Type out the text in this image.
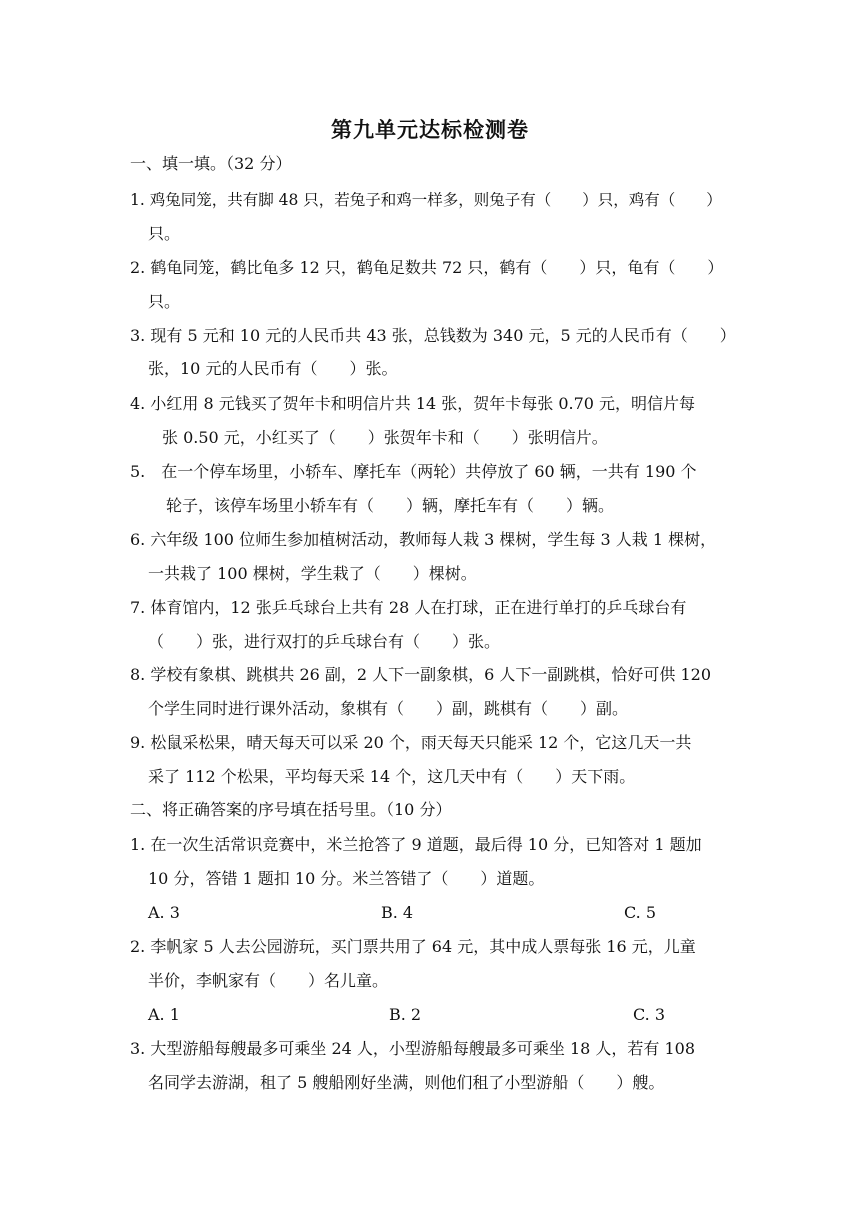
第九单元达标检测卷
一、填一填。（32 分）
1. 鸡兔同笼，共有脚 48 只，若兔子和鸡一样多，则兔子有（　　）只，鸡有（　　）
只。
2. 鹤龟同笼，鹤比龟多 12 只，鹤龟足数共 72 只，鹤有（　　）只，龟有（　　）
只。
3. 现有 5 元和 10 元的人民币共 43 张，总钱数为 340 元，5 元的人民币有（　　）
张，10 元的人民币有（　　）张。
4. 小红用 8 元钱买了贺年卡和明信片共 14 张，贺年卡每张 0.70 元，明信片每
张 0.50 元，小红买了（　　）张贺年卡和（　　）张明信片。
5.　在一个停车场里，小轿车、摩托车（两轮）共停放了 60 辆，一共有 190 个
轮子，该停车场里小轿车有（　　）辆，摩托车有（　　）辆。
6. 六年级 100 位师生参加植树活动，教师每人栽 3 棵树，学生每 3 人栽 1 棵树，
一共栽了 100 棵树，学生栽了（　　）棵树。
7. 体育馆内，12 张乒乓球台上共有 28 人在打球，正在进行单打的乒乓球台有
（　　）张，进行双打的乒乓球台有（　　）张。
8. 学校有象棋、跳棋共 26 副，2 人下一副象棋，6 人下一副跳棋，恰好可供 120
个学生同时进行课外活动，象棋有（　　）副，跳棋有（　　）副。
9. 松鼠采松果，晴天每天可以采 20 个，雨天每天只能采 12 个，它这几天一共
采了 112 个松果，平均每天采 14 个，这几天中有（　　）天下雨。
二、将正确答案的序号填在括号里。（10 分）
1. 在一次生活常识竞赛中，米兰抢答了 9 道题，最后得 10 分，已知答对 1 题加
10 分，答错 1 题扣 10 分。米兰答错了（　　）道题。
A. 3	B. 4	C. 5
2. 李帆家 5 人去公园游玩，买门票共用了 64 元，其中成人票每张 16 元，儿童
半价，李帆家有（　　）名儿童。
A. 1	B. 2	C. 3
3. 大型游船每艘最多可乘坐 24 人，小型游船每艘最多可乘坐 18 人，若有 108
名同学去游湖，租了 5 艘船刚好坐满，则他们租了小型游船（　　）艘。
